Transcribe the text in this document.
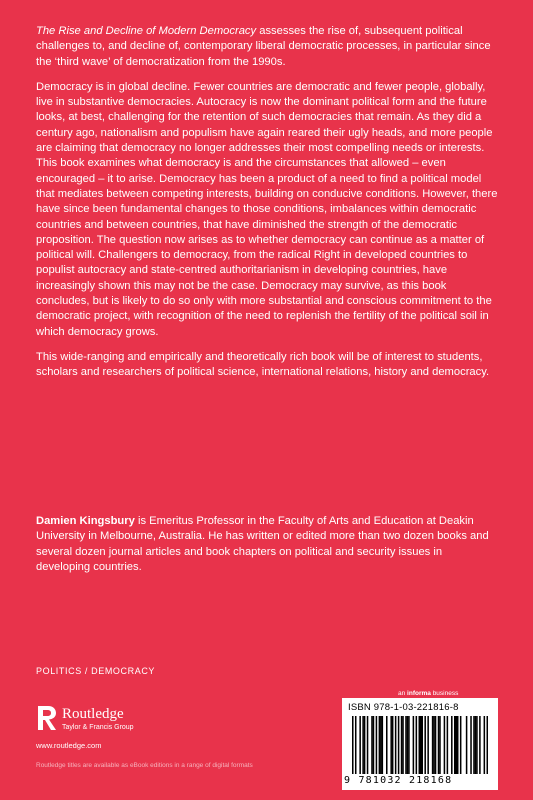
The Rise and Decline of Modern Democracy assesses the rise of, subsequent political challenges to, and decline of, contemporary liberal democratic processes, in particular since the ‘third wave’ of democratization from the 1990s.

Democracy is in global decline. Fewer countries are democratic and fewer people, globally, live in substantive democracies. Autocracy is now the dominant political form and the future looks, at best, challenging for the retention of such democracies that remain. As they did a century ago, nationalism and populism have again reared their ugly heads, and more people are claiming that democracy no longer addresses their most compelling needs or interests. This book examines what democracy is and the circumstances that allowed – even encouraged – it to arise. Democracy has been a product of a need to find a political model that mediates between competing interests, building on conducive conditions. However, there have since been fundamental changes to those conditions, imbalances within democratic countries and between countries, that have diminished the strength of the democratic proposition. The question now arises as to whether democracy can continue as a matter of political will. Challengers to democracy, from the radical Right in developed countries to populist autocracy and state-centred authoritarianism in developing countries, have increasingly shown this may not be the case. Democracy may survive, as this book concludes, but is likely to do so only with more substantial and conscious commitment to the democratic project, with recognition of the need to replenish the fertility of the political soil in which democracy grows.

This wide-ranging and empirically and theoretically rich book will be of interest to students, scholars and researchers of political science, international relations, history and democracy.

Damien Kingsbury is Emeritus Professor in the Faculty of Arts and Education at Deakin University in Melbourne, Australia. He has written or edited more than two dozen books and several dozen journal articles and book chapters on political and security issues in developing countries.

POLITICS / DEMOCRACY

Routledge
Taylor & Francis Group
www.routledge.com
Routledge titles are available as eBook editions in a range of digital formats
an informa business
ISBN 978-1-03-221816-8
9 781032 218168
